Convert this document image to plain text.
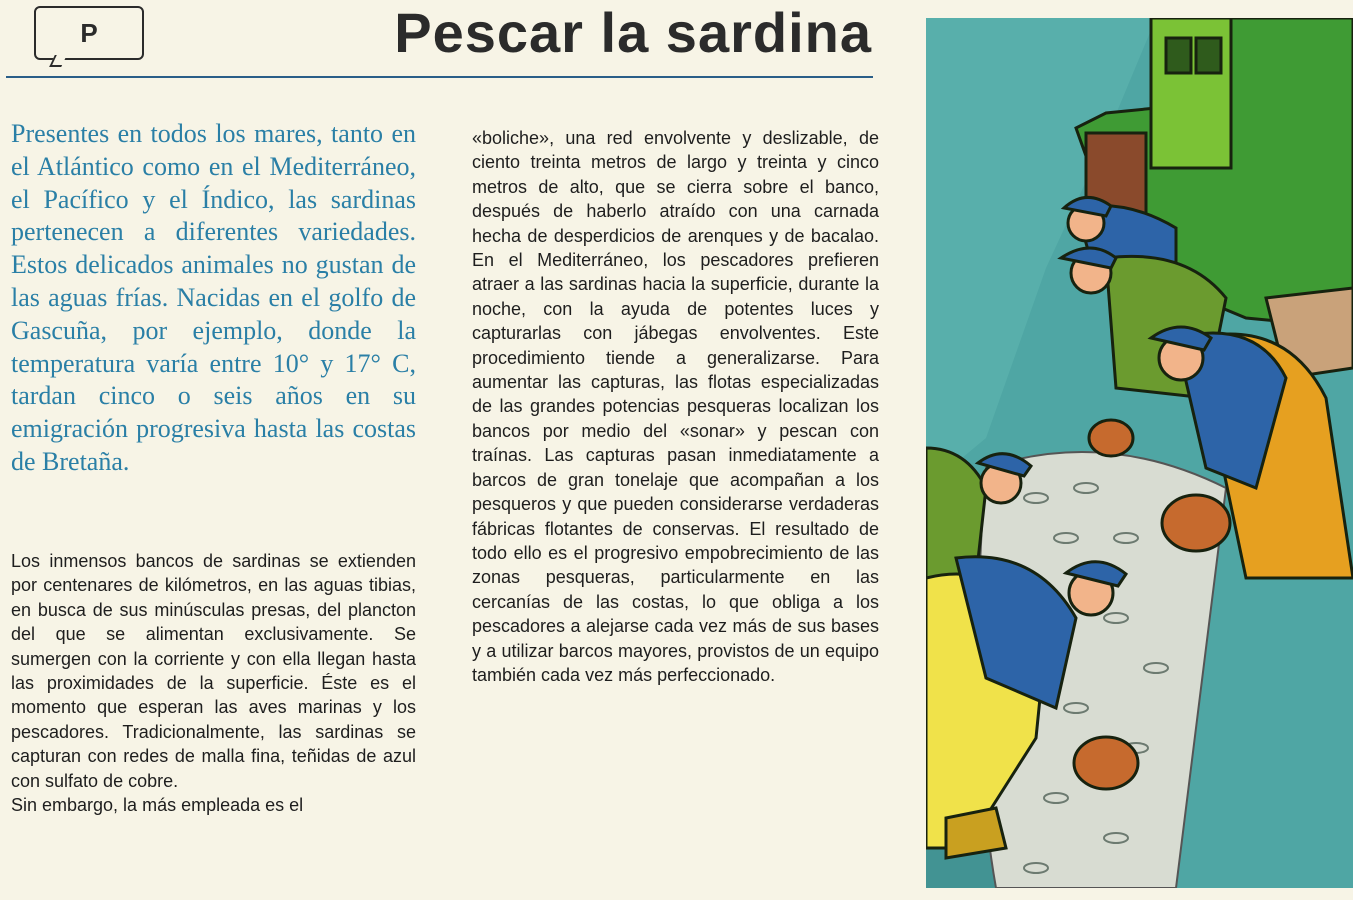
P	Pescar la sardina
Presentes en todos los mares, tanto en el Atlántico como en el Mediterráneo, el Pacífico y el Índico, las sardinas pertenecen a diferentes variedades. Estos delicados animales no gustan de las aguas frías. Nacidas en el golfo de Gascuña, por ejemplo, donde la temperatura varía entre 10° y 17° C, tardan cinco o seis años en su emigración progresiva hasta las costas de Bretaña.

Los inmensos bancos de sardinas se extienden por centenares de kilómetros, en las aguas tibias, en busca de sus minúsculas presas, del plancton del que se alimentan exclusivamente. Se sumergen con la corriente y con ella llegan hasta las proximidades de la superficie. Éste es el momento que esperan las aves marinas y los pescadores. Tradicionalmente, las sardinas se capturan con redes de malla fina, teñidas de azul con sulfato de cobre.

Sin embargo, la más empleada es el

«boliche», una red envolvente y deslizable, de ciento treinta metros de largo y treinta y cinco metros de alto, que se cierra sobre el banco, después de haberlo atraído con una carnada hecha de desperdicios de arenques y de bacalao. En el Mediterráneo, los pescadores prefieren atraer a las sardinas hacia la superficie, durante la noche, con la ayuda de potentes luces y capturarlas con jábegas envolventes. Este procedimiento tiende a generalizarse. Para aumentar las capturas, las flotas especializadas de las grandes potencias pesqueras localizan los bancos por medio del «sonar» y pescan con traínas. Las capturas pasan inmediatamente a barcos de gran tonelaje que acompañan a los pesqueros y que pueden considerarse verdaderas fábricas flotantes de conservas. El resultado de todo ello es el progresivo empobrecimiento de las zonas pesqueras, particularmente en las cercanías de las costas, lo que obliga a los pescadores a alejarse cada vez más de sus bases y a utilizar barcos mayores, provistos de un equipo también cada vez más perfeccionado.
